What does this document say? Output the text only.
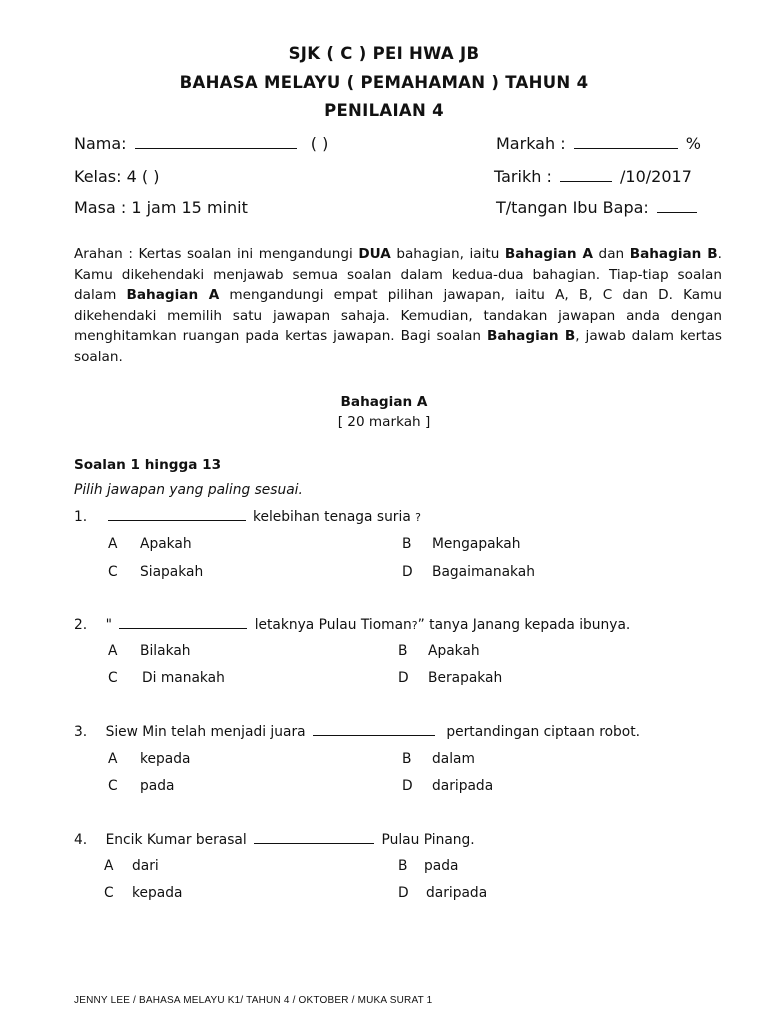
SJK ( C ) PEI HWA JB
BAHASA MELAYU ( PEMAHAMAN ) TAHUN 4
PENILAIAN 4
Nama:	( )	Markah :	%
Kelas: 4 ( )	Tarikh :	/10/2017
Masa : 1 jam 15 minit	T/tangan Ibu Bapa:
Arahan : Kertas soalan ini mengandungi DUA bahagian, iaitu Bahagian A dan Bahagian B. Kamu dikehendaki menjawab semua soalan dalam kedua-dua bahagian. Tiap-tiap soalan dalam Bahagian A mengandungi empat pilihan jawapan, iaitu A, B, C dan D. Kamu dikehendaki memilih satu jawapan sahaja. Kemudian, tandakan jawapan anda dengan menghitamkan ruangan pada kertas jawapan. Bagi soalan Bahagian B, jawab dalam kertas soalan.
Bahagian A
[ 20 markah ]
Soalan 1 hingga 13
Pilih jawapan yang paling sesuai.
1.	kelebihan tenaga suria ?
A Apakah	B Mengapakah
C Siapakah	D Bagaimanakah
2. "	letaknya Pulau Tioman?” tanya Janang kepada ibunya.
A Bilakah	B Apakah
C Di manakah	D Berapakah
3. Siew Min telah menjadi juara	pertandingan ciptaan robot.
A kepada	B dalam
C pada	D daripada
4. Encik Kumar berasal	Pulau Pinang.
A dari	B pada
C kepada	D daripada
JENNY LEE / BAHASA MELAYU K1/ TAHUN 4 / OKTOBER / MUKA SURAT 1
